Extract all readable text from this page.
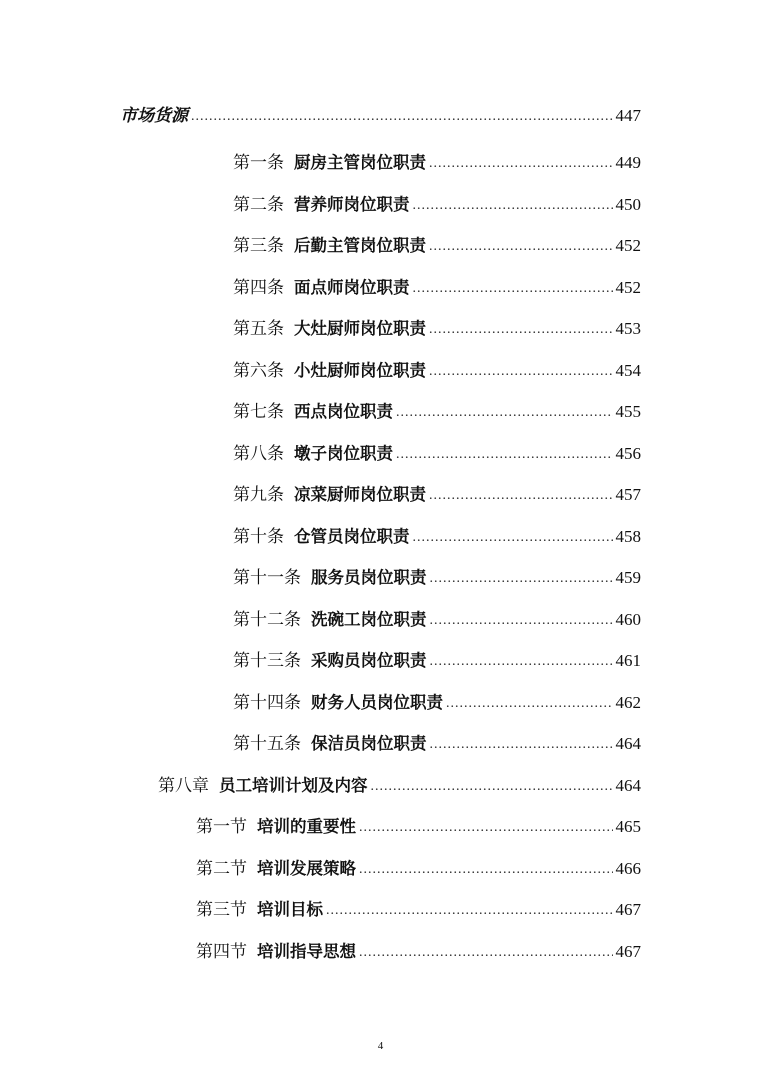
市场货源 .....	447
第一条 厨房主管岗位职责 .....	449
第二条 营养师岗位职责 .....	450
第三条 后勤主管岗位职责 .....	452
第四条 面点师岗位职责 .....	452
第五条 大灶厨师岗位职责 .....	453
第六条 小灶厨师岗位职责 .....	454
第七条 西点岗位职责 .....	455
第八条 墩子岗位职责 .....	456
第九条 凉菜厨师岗位职责 .....	457
第十条 仓管员岗位职责 .....	458
第十一条 服务员岗位职责 .....	459
第十二条 洗碗工岗位职责 .....	460
第十三条 采购员岗位职责 .....	461
第十四条 财务人员岗位职责 .....	462
第十五条 保洁员岗位职责 .....	464
第八章 员工培训计划及内容 .....	464
第一节 培训的重要性 .....	465
第二节 培训发展策略 .....	466
第三节 培训目标 .....	467
第四节 培训指导思想 .....	467
4
